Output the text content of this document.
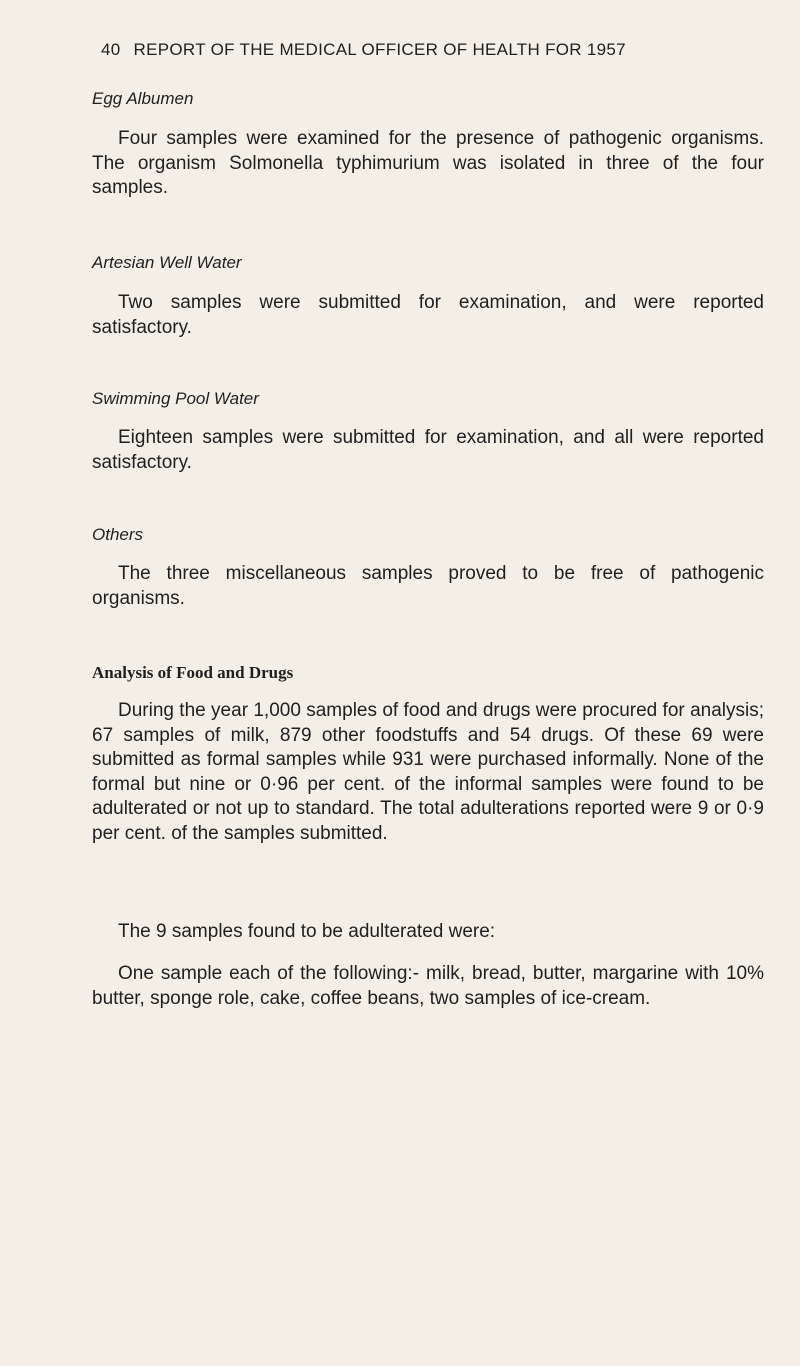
40 REPORT OF THE MEDICAL OFFICER OF HEALTH FOR 1957
Egg Albumen
Four samples were examined for the presence of pathogenic organisms. The organism Solmonella typhimurium was isolated in three of the four samples.
Artesian Well Water
Two samples were submitted for examination, and were reported satisfactory.
Swimming Pool Water
Eighteen samples were submitted for examination, and all were reported satisfactory.
Others
The three miscellaneous samples proved to be free of pathogenic organisms.
Analysis of Food and Drugs
During the year 1,000 samples of food and drugs were procured for analysis; 67 samples of milk, 879 other foodstuffs and 54 drugs. Of these 69 were submitted as formal samples while 931 were purchased informally. None of the formal but nine or 0·96 per cent. of the informal samples were found to be adulterated or not up to standard. The total adulterations reported were 9 or 0·9 per cent. of the samples submitted.
The 9 samples found to be adulterated were:
One sample each of the following:- milk, bread, butter, margarine with 10% butter, sponge role, cake, coffee beans, two samples of ice-cream.
